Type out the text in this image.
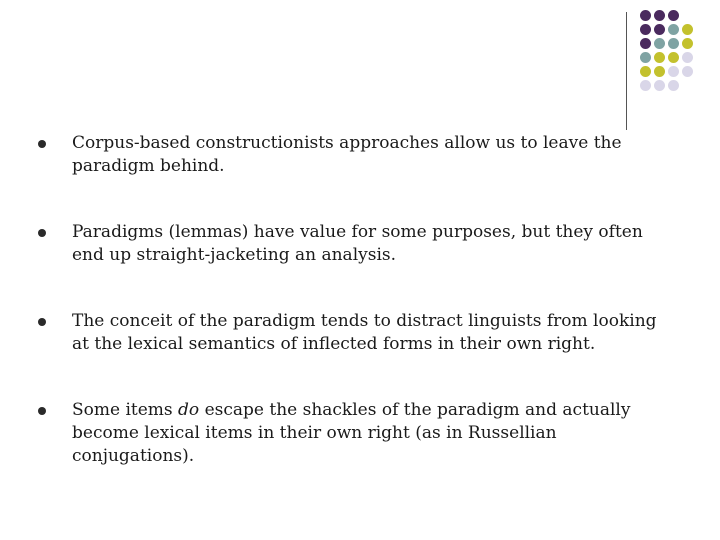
Corpus-based constructionists approaches allow us to leave the paradigm behind.
Paradigms (lemmas) have value for some purposes, but they often end up straight-jacketing an analysis.
The conceit of the paradigm tends to distract linguists from looking at the lexical semantics of inflected forms in their own right.
Some items do escape the shackles of the paradigm and actually become lexical items in their own right (as in Russellian conjugations).
